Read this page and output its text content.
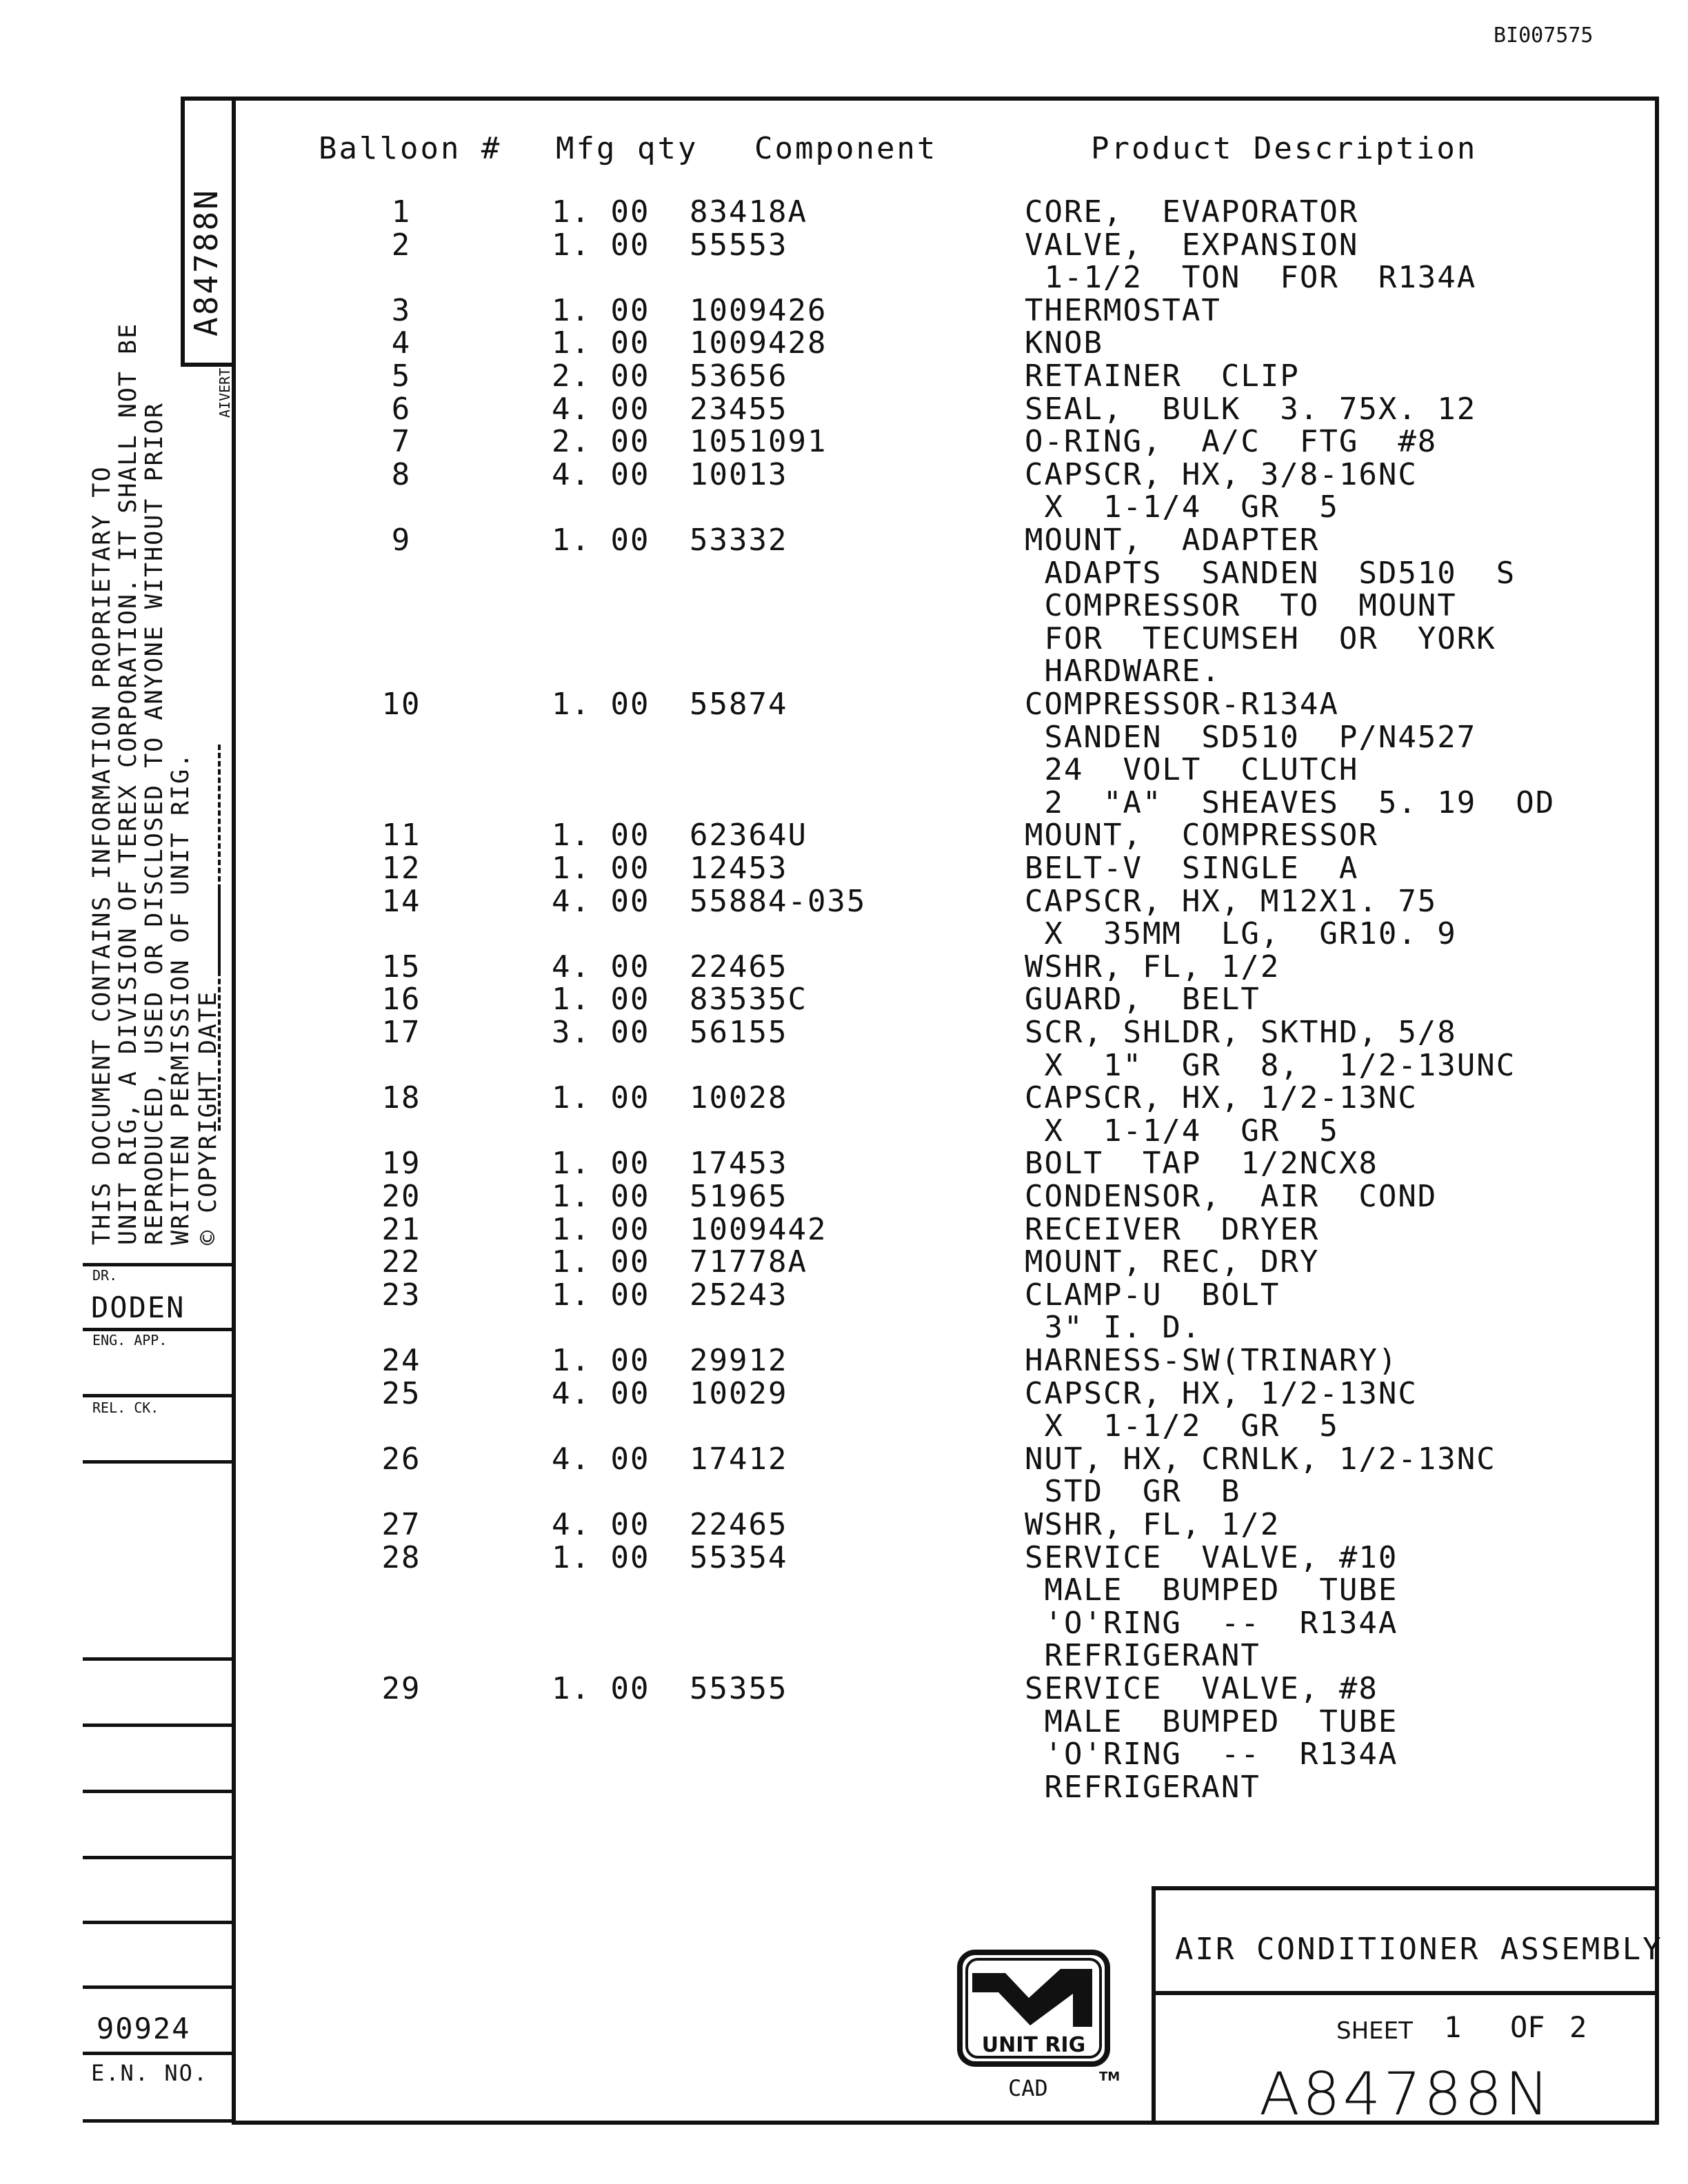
BI007575
Balloon # Mfg qty Component	Product Description
1	1. 00 83418A	CORE,  EVAPORATOR
2	1. 00 55553	VALVE,  EXPANSION
1-1/2  TON  FOR  R134A
3	1. 00 1009426	THERMOSTAT
4	1. 00 1009428	KNOB
5	2. 00 53656	RETAINER  CLIP
6	4. 00 23455	SEAL,  BULK  3. 75X. 12
7	2. 00 1051091	O-RING,  A/C  FTG  #8
8	4. 00 10013	CAPSCR, HX, 3/8-16NC
X  1-1/4  GR  5
9	1. 00 53332	MOUNT,  ADAPTER
ADAPTS  SANDEN  SD510  S
COMPRESSOR  TO  MOUNT
FOR  TECUMSEH  OR  YORK
HARDWARE.
10	1. 00 55874	COMPRESSOR-R134A
SANDEN  SD510  P/N4527
24  VOLT  CLUTCH
2  "A"  SHEAVES  5. 19  OD
11	1. 00 62364U	MOUNT,  COMPRESSOR
12	1. 00 12453	BELT-V  SINGLE  A
14	4. 00 55884-035	CAPSCR, HX, M12X1. 75
X  35MM  LG,  GR10. 9
15	4. 00 22465	WSHR, FL, 1/2
16	1. 00 83535C	GUARD,  BELT
17	3. 00 56155	SCR, SHLDR, SKTHD, 5/8
X  1"  GR  8,  1/2-13UNC
18	1. 00 10028	CAPSCR, HX, 1/2-13NC
X  1-1/4  GR  5
19	1. 00 17453	BOLT  TAP  1/2NCX8
20	1. 00 51965	CONDENSOR,  AIR  COND
21	1. 00 1009442	RECEIVER  DRYER
22	1. 00 71778A	MOUNT, REC, DRY
23	1. 00 25243	CLAMP-U  BOLT
3" I. D.
24	1. 00 29912	HARNESS-SW(TRINARY)
25	4. 00 10029	CAPSCR, HX, 1/2-13NC
X  1-1/2  GR  5
26	4. 00 17412	NUT, HX, CRNLK, 1/2-13NC
STD  GR  B
27	4. 00 22465	WSHR, FL, 1/2
28	1. 00 55354	SERVICE  VALVE, #10
MALE  BUMPED  TUBE
'O'RING  --  R134A
REFRIGERANT
29	1. 00 55355	SERVICE  VALVE, #8
MALE  BUMPED  TUBE
'O'RING  --  R134A
REFRIGERANT
A84788N
AIVERT
THIS DOCUMENT CONTAINS INFORMATION PROPRIETARY TO
UNIT RIG, A DIVISION OF TEREX CORPORATION. IT SHALL NOT BE
REPRODUCED, USED OR DISCLOSED TO ANYONE WITHOUT PRIOR
WRITTEN PERMISSION OF UNIT RIG. © COPYRIGHT DATE
DR.
DODEN
ENG. APP.
REL. CK.
90924
E.N. NO.
UNIT RIG
CAD	TM
AIR CONDITIONER ASSEMBLY
SHEET 1 OF 2
A84788N
